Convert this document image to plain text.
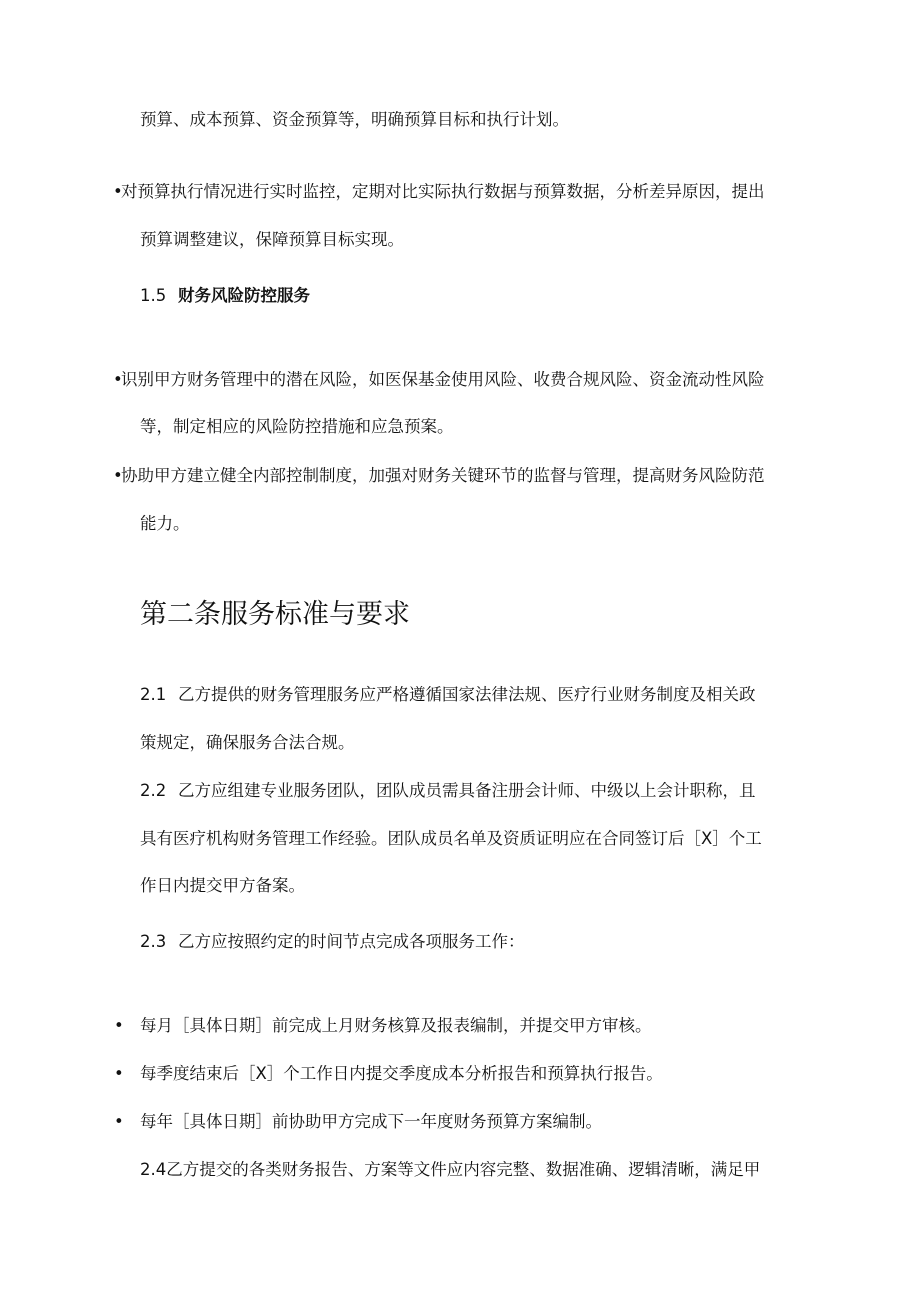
预算、成本预算、资金预算等，明确预算目标和执行计划。
•
对预算执行情况进行实时监控，定期对比实际执行数据与预算数据，分析差异原因，提出
预算调整建议，保障预算目标实现。
1.5 财务风险防控服务
•
识别甲方财务管理中的潜在风险，如医保基金使用风险、收费合规风险、资金流动性风险
等，制定相应的风险防控措施和应急预案。
•
协助甲方建立健全内部控制制度，加强对财务关键环节的监督与管理，提高财务风险防范
能力。
第二条服务标准与要求
2.1 乙方提供的财务管理服务应严格遵循国家法律法规、医疗行业财务制度及相关政
策规定，确保服务合法合规。
2.2 乙方应组建专业服务团队，团队成员需具备注册会计师、中级以上会计职称，且
具有医疗机构财务管理工作经验。团队成员名单及资质证明应在合同签订后［X］个工
作日内提交甲方备案。
2.3 乙方应按照约定的时间节点完成各项服务工作：
• 每月［具体日期］前完成上月财务核算及报表编制，并提交甲方审核。
• 每季度结束后［X］个工作日内提交季度成本分析报告和预算执行报告。
• 每年［具体日期］前协助甲方完成下一年度财务预算方案编制。
2.4乙方提交的各类财务报告、方案等文件应内容完整、数据准确、逻辑清晰，满足甲
